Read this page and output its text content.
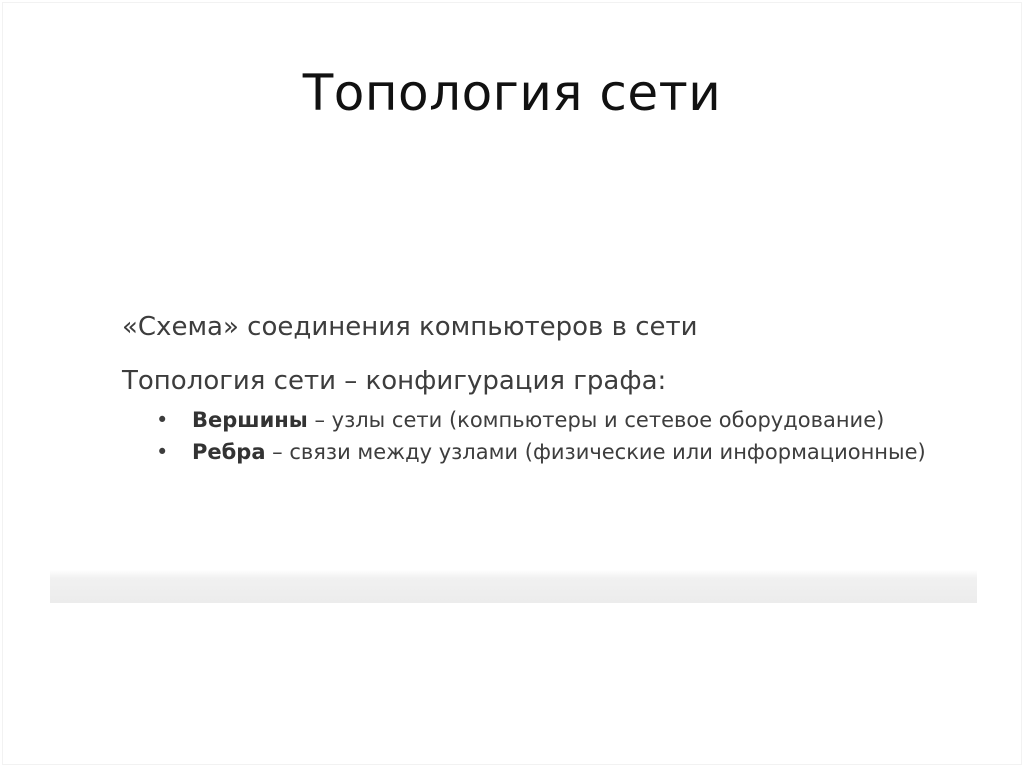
Топология сети

«Схема» соединения компьютеров в сети

Топология сети – конфигурация графа:

• Вершины – узлы сети (компьютеры и сетевое оборудование)
• Ребра – связи между узлами (физические или информационные)
